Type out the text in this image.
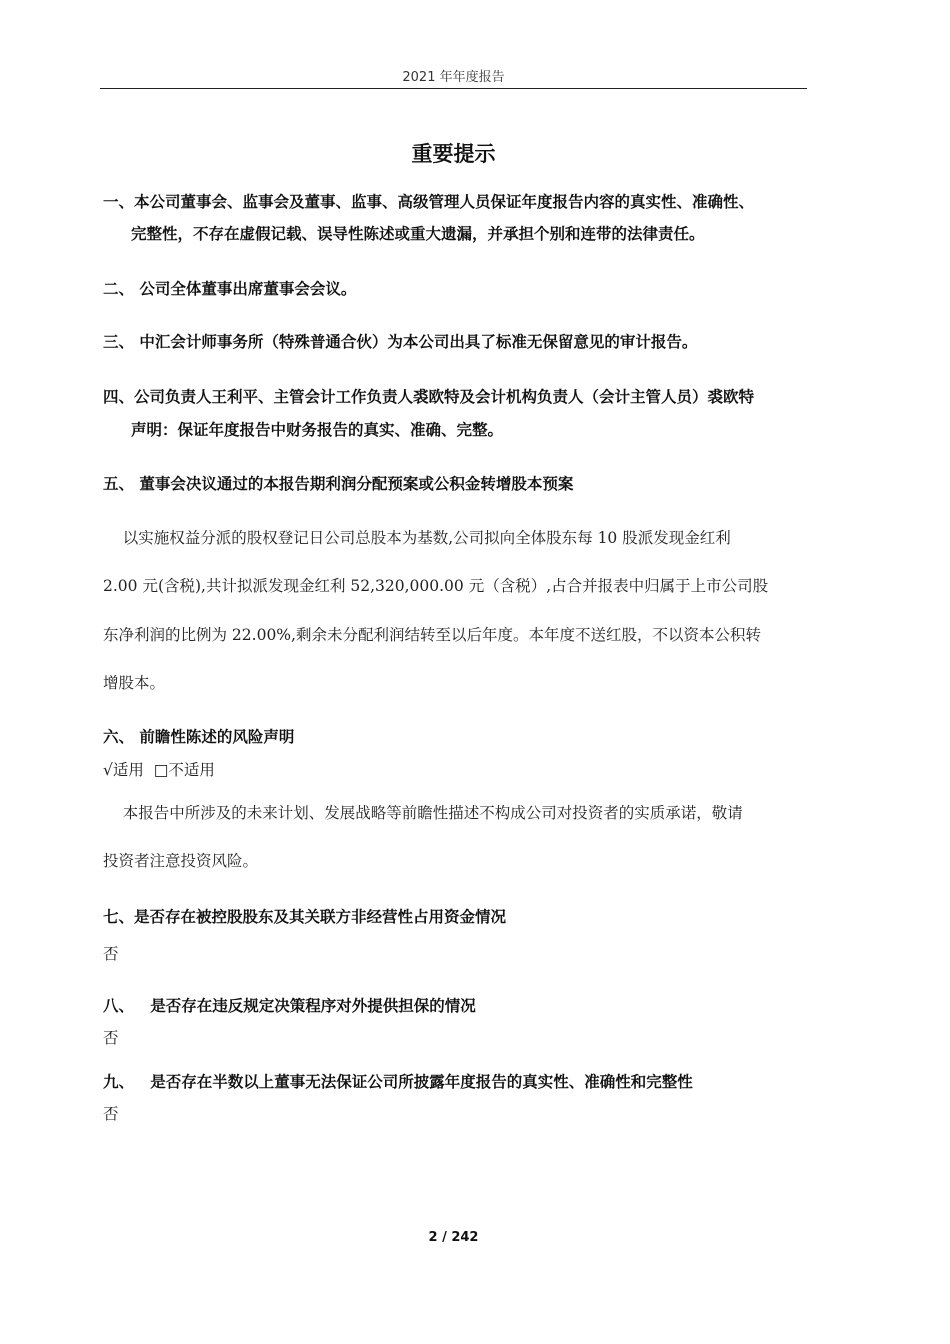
2021 年年度报告
重要提示
一、本公司董事会、监事会及董事、监事、高级管理人员保证年度报告内容的真实性、准确性、
完整性，不存在虚假记载、误导性陈述或重大遗漏，并承担个别和连带的法律责任。
二、 公司全体董事出席董事会会议。
三、 中汇会计师事务所（特殊普通合伙）为本公司出具了标准无保留意见的审计报告。
四、公司负责人王利平、主管会计工作负责人裘欧特及会计机构负责人（会计主管人员）裘欧特
声明：保证年度报告中财务报告的真实、准确、完整。
五、 董事会决议通过的本报告期利润分配预案或公积金转增股本预案
以实施权益分派的股权登记日公司总股本为基数,公司拟向全体股东每 10 股派发现金红利
2.00 元(含税),共计拟派发现金红利 52,320,000.00 元（含税）,占合并报表中归属于上市公司股
东净利润的比例为 22.00%,剩余未分配利润结转至以后年度。本年度不送红股，不以资本公积转
增股本。
六、 前瞻性陈述的风险声明
√适用  □不适用
本报告中所涉及的未来计划、发展战略等前瞻性描述不构成公司对投资者的实质承诺，敬请
投资者注意投资风险。
七、是否存在被控股股东及其关联方非经营性占用资金情况
否
八、   是否存在违反规定决策程序对外提供担保的情况
否
九、   是否存在半数以上董事无法保证公司所披露年度报告的真实性、准确性和完整性
否
2 / 242
